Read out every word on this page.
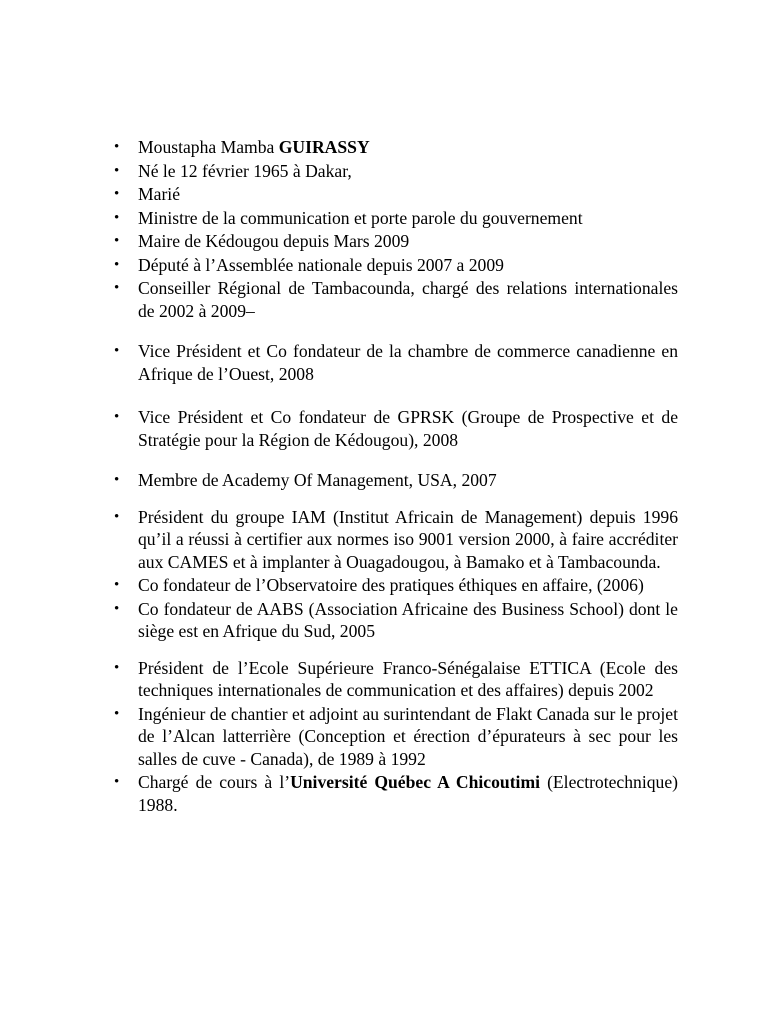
• Moustapha Mamba GUIRASSY
• Né le 12 février 1965 à Dakar,
• Marié
• Ministre de la communication et porte parole du gouvernement
• Maire de Kédougou depuis Mars 2009
• Député à l’Assemblée nationale depuis 2007 a 2009
• Conseiller Régional de Tambacounda, chargé des relations internationales de 2002 à 2009–
• Vice Président et Co fondateur de la chambre de commerce canadienne en Afrique de l’Ouest, 2008
• Vice Président et Co fondateur de GPRSK (Groupe de Prospective et de Stratégie pour la Région de Kédougou), 2008
• Membre de Academy Of Management, USA, 2007
• Président du groupe IAM (Institut Africain de Management) depuis 1996 qu’il a réussi à certifier aux normes iso 9001 version 2000, à faire accréditer aux CAMES et à implanter à Ouagadougou, à Bamako et à Tambacounda.
• Co fondateur de l’Observatoire des pratiques éthiques en affaire, (2006)
• Co fondateur de AABS (Association Africaine des Business School) dont le siège est en Afrique du Sud, 2005
• Président de l’Ecole Supérieure Franco-Sénégalaise ETTICA (Ecole des techniques internationales de communication et des affaires) depuis 2002
• Ingénieur de chantier et adjoint au surintendant de Flakt Canada sur le projet de l’Alcan latterrière (Conception et érection d’épurateurs à sec pour les salles de cuve - Canada), de 1989 à 1992
• Chargé de cours à l’Université Québec A Chicoutimi (Electrotechnique) 1988.
